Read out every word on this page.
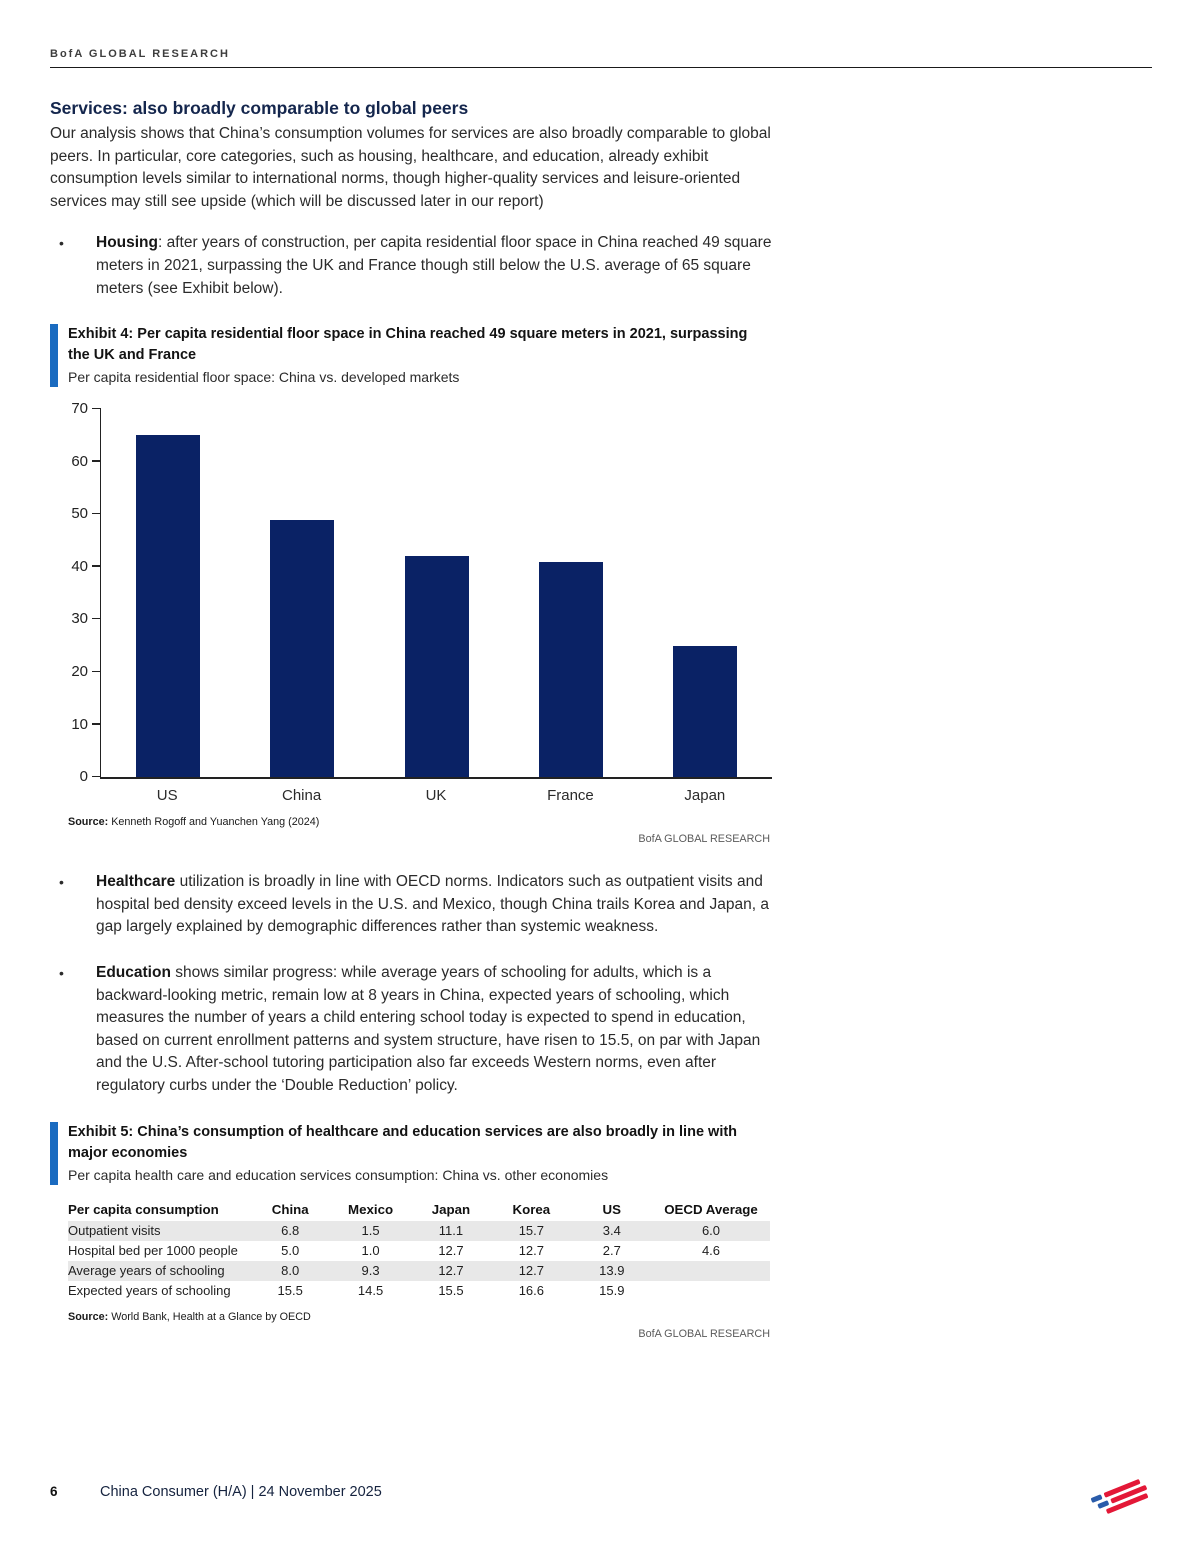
BofA GLOBAL RESEARCH
Services: also broadly comparable to global peers
Our analysis shows that China’s consumption volumes for services are also broadly comparable to global peers. In particular, core categories, such as housing, healthcare, and education, already exhibit consumption levels similar to international norms, though higher-quality services and leisure-oriented services may still see upside (which will be discussed later in our report)
•	Housing: after years of construction, per capita residential floor space in China reached 49 square meters in 2021, surpassing the UK and France though still below the U.S. average of 65 square meters (see Exhibit below).
Exhibit 4: Per capita residential floor space in China reached 49 square meters in 2021, surpassing the UK and France
Per capita residential floor space: China vs. developed markets
0
10
20
30
40
50
60
70
US	China	UK	France	Japan
Source: Kenneth Rogoff and Yuanchen Yang (2024)
BofA GLOBAL RESEARCH
•	Healthcare utilization is broadly in line with OECD norms. Indicators such as outpatient visits and hospital bed density exceed levels in the U.S. and Mexico, though China trails Korea and Japan, a gap largely explained by demographic differences rather than systemic weakness.
•	Education shows similar progress: while average years of schooling for adults, which is a backward-looking metric, remain low at 8 years in China, expected years of schooling, which measures the number of years a child entering school today is expected to spend in education, based on current enrollment patterns and system structure, have risen to 15.5, on par with Japan and the U.S. After-school tutoring participation also far exceeds Western norms, even after regulatory curbs under the ‘Double Reduction’ policy.
Exhibit 5: China’s consumption of healthcare and education services are also broadly in line with major economies
Per capita health care and education services consumption: China vs. other economies
Per capita consumption	China	Mexico	Japan	Korea	US	OECD Average
Outpatient visits	6.8	1.5	11.1	15.7	3.4	6.0
Hospital bed per 1000 people	5.0	1.0	12.7	12.7	2.7	4.6
Average years of schooling	8.0	9.3	12.7	12.7	13.9	
Expected years of schooling	15.5	14.5	15.5	16.6	15.9	
Source: World Bank, Health at a Glance by OECD
BofA GLOBAL RESEARCH
6	China Consumer (H/A) | 24 November 2025
